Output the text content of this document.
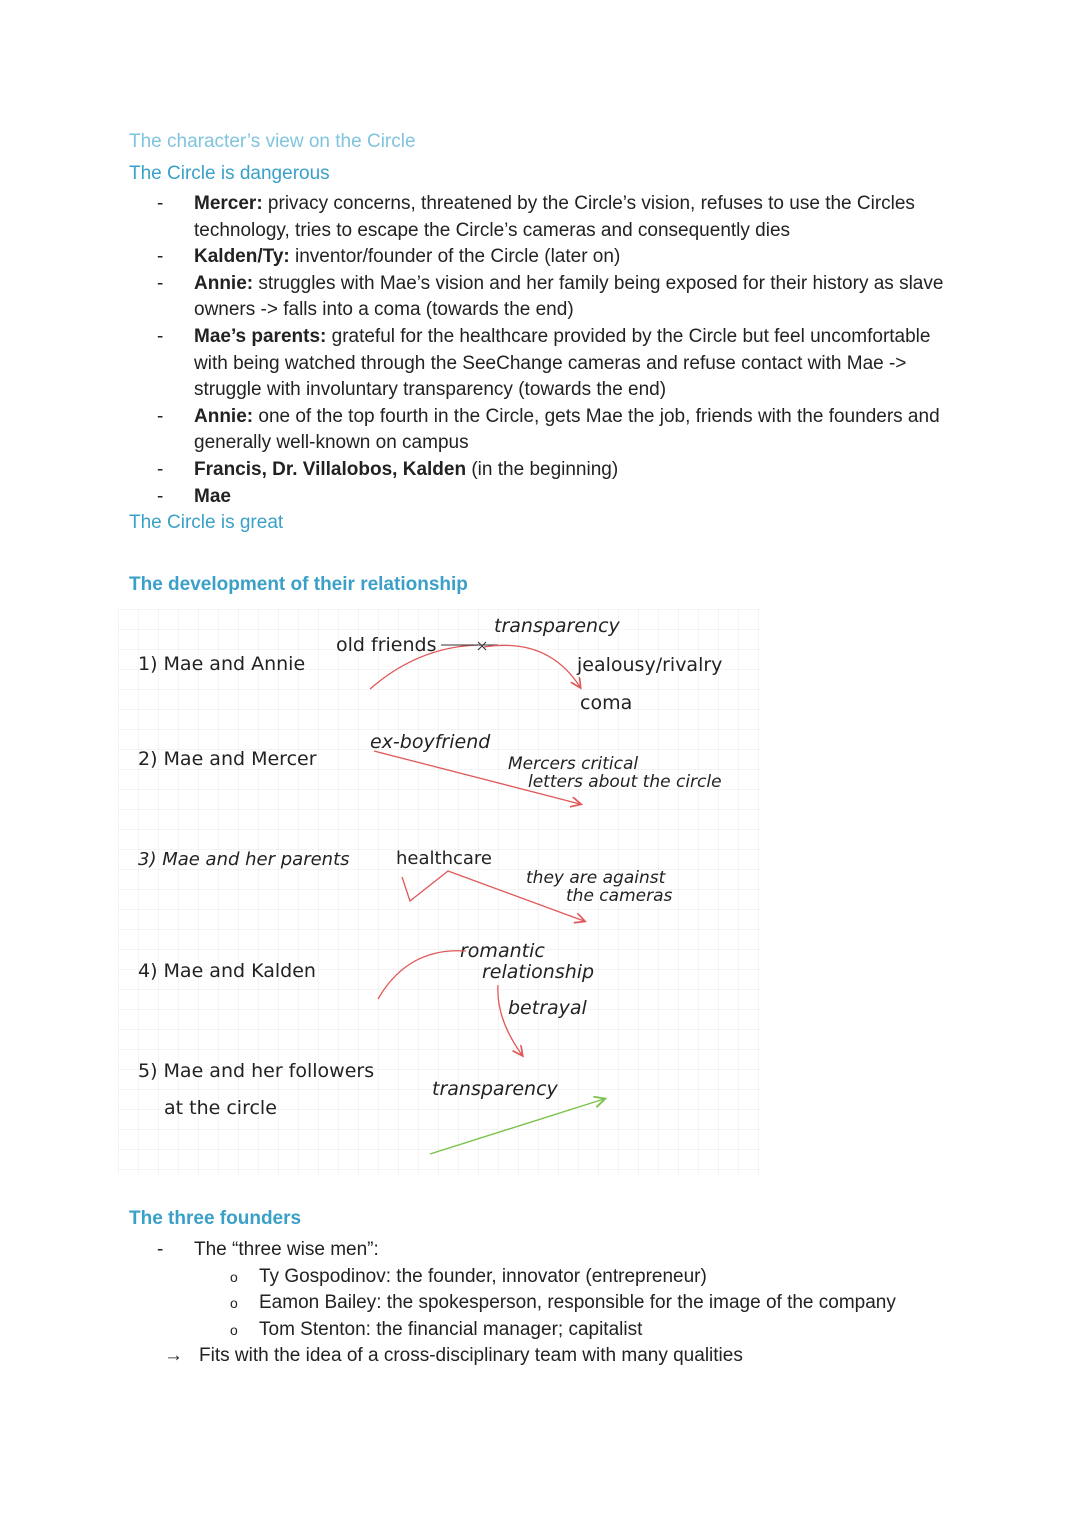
The character’s view on the Circle
The Circle is dangerous
- Mercer: privacy concerns, threatened by the Circle’s vision, refuses to use the Circles technology, tries to escape the Circle’s cameras and consequently dies
- Kalden/Ty: inventor/founder of the Circle (later on)
- Annie: struggles with Mae’s vision and her family being exposed for their history as slave owners -> falls into a coma (towards the end)
- Mae’s parents: grateful for the healthcare provided by the Circle but feel uncomfortable with being watched through the SeeChange cameras and refuse contact with Mae -> struggle with involuntary transparency (towards the end)
- Annie: one of the top fourth in the Circle, gets Mae the job, friends with the founders and generally well-known on campus
- Francis, Dr. Villalobos, Kalden (in the beginning)
- Mae
The Circle is great
The development of their relationship
1) Mae and Annie
old friends
transparency
jealousy/rivalry
coma
2) Mae and Mercer
ex-boyfriend
Mercers critical
letters about the circle
3) Mae and her parents	healthcare
they are against
the cameras
4) Mae and Kalden
romantic
relationship
betrayal
5) Mae and her followers
at the circle
transparency
The three founders
- The “three wise men”:
o Ty Gospodinov: the founder, innovator (entrepreneur)
o Eamon Bailey: the spokesperson, responsible for the image of the company
o Tom Stenton: the financial manager; capitalist
→ Fits with the idea of a cross-disciplinary team with many qualities
